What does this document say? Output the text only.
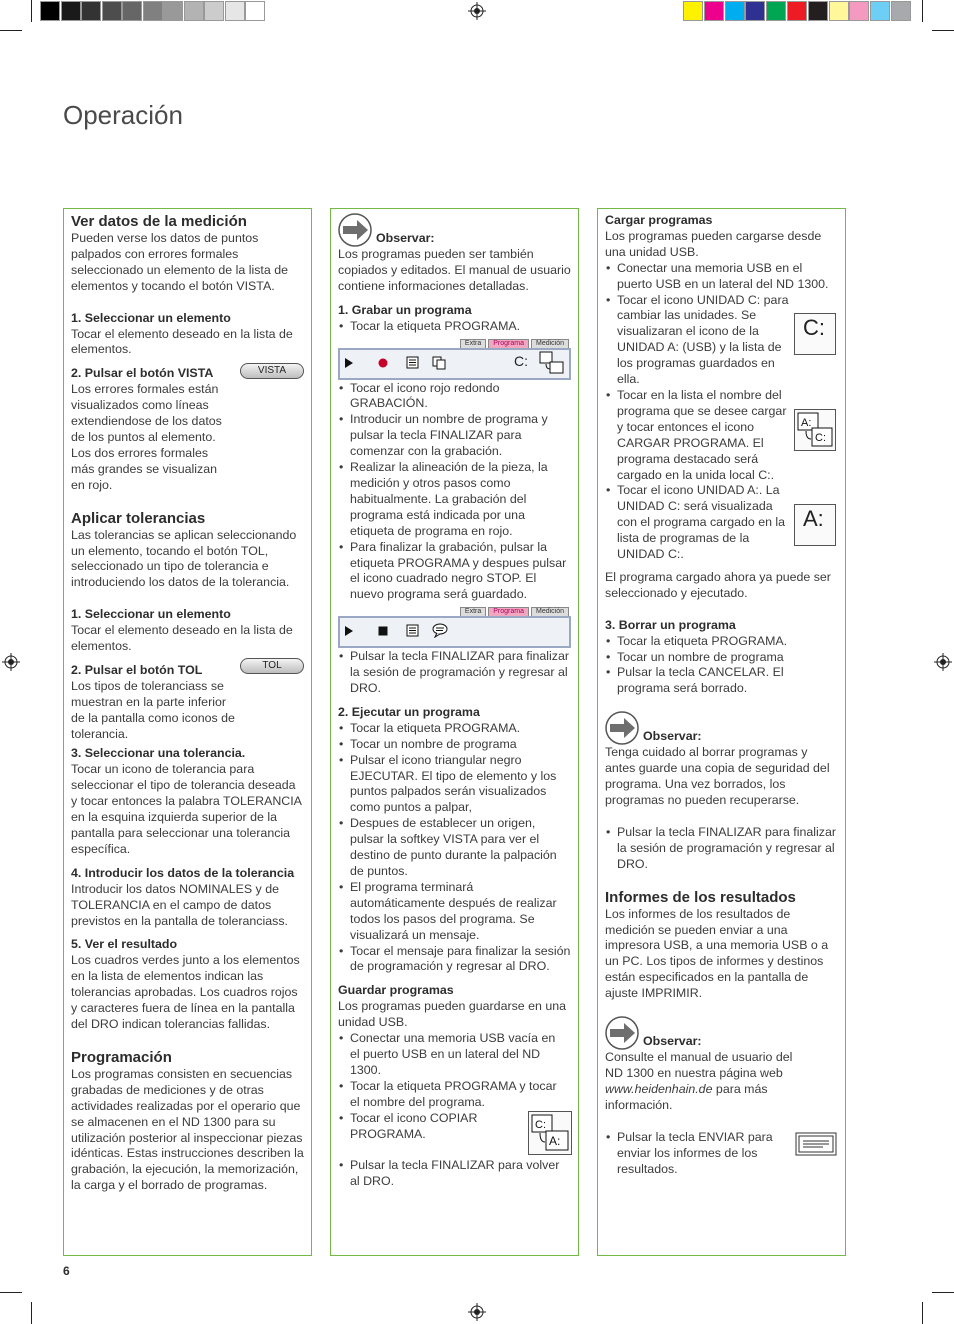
Operación

Ver datos de la medición

Pueden verse los datos de puntos palpados con errores formales seleccionado un elemento de la lista de elementos y tocando el botón VISTA.

1. Seleccionar un elemento

Tocar el elemento deseado en la lista de elementos.

2. Pulsar el botón VISTA

Los errores formales están visualizados como líneas extendiendose de los datos de los puntos al elemento. Los dos errores formales más grandes se visualizan en rojo.

VISTA

Aplicar tolerancias

Las tolerancias se aplican seleccionando un elemento, tocando el botón TOL, seleccionado un tipo de tolerancia e introduciendo los datos de la tolerancia.

1. Seleccionar un elemento

Tocar el elemento deseado en la lista de elementos.

2. Pulsar el botón TOL

Los tipos de toleranciass se muestran en la parte inferior de la pantalla como iconos de tolerancia.

TOL

3. Seleccionar una tolerancia.

Tocar un icono de tolerancia para seleccionar el tipo de tolerancia deseada y tocar entonces la palabra TOLERANCIA en la esquina izquierda superior de la pantalla para seleccionar una tolerancia específica.

4. Introducir los datos de la tolerancia

Introducir los datos NOMINALES y de TOLERANCIA en el campo de datos previstos en la pantalla de toleranciass.

5. Ver el resultado

Los cuadros verdes junto a los elementos en la lista de elementos indican las tolerancias aprobadas. Los cuadros rojos y caracteres fuera de línea en la pantalla del DRO indican tolerancias fallidas.

Programación

Los programas consisten en secuencias grabadas de mediciones y de otras actividades realizadas por el operario que se almacenen en el ND 1300 para su utilización posterior al inspeccionar piezas idénticas. Estas instrucciones describen la grabación, la ejecución, la memorización, la carga y el borrado de programas.

Observar:

Los programas pueden ser también copiados y editados. El manual de usuario contiene informaciones detalladas.

1. Grabar un programa

• Tocar la etiqueta PROGRAMA.
Extra	Programa	Medición
C:
• Tocar el icono rojo redondo GRABACIÓN.
• Introducir un nombre de programa y pulsar la tecla FINALIZAR para comenzar con la grabación.
• Realizar la alineación de la pieza, la medición y otros pasos como habitualmente. La grabación del programa está indicada por una etiqueta de programa en rojo.
• Para finalizar la grabación, pulsar la etiqueta PROGRAMA y despues pulsar el icono cuadrado negro STOP. El nuevo programa será guardado.
Extra	Programa	Medición
• Pulsar la tecla FINALIZAR para finalizar la sesión de programación y regresar al DRO.

2. Ejecutar un programa

• Tocar la etiqueta PROGRAMA.
• Tocar un nombre de programa
• Pulsar el icono triangular negro EJECUTAR. El tipo de elemento y los puntos palpados serán visualizados como puntos a palpar,
• Despues de establecer un origen, pulsar la softkey VISTA para ver el destino de punto durante la palpación de puntos.
• El programa terminará automáticamente después de realizar todos los pasos del programa. Se visualizará un mensaje.
• Tocar el mensaje para finalizar la sesión de programación y regresar al DRO.

Guardar programas

Los programas pueden guardarse en una unidad USB.

• Conectar una memoria USB vacía en el puerto USB en un lateral del ND 1300.
• Tocar la etiqueta PROGRAMA y tocar el nombre del programa.
• Tocar el icono COPIAR PROGRAMA.
C:
A:
• Pulsar la tecla FINALIZAR para volver al DRO.

Cargar programas

Los programas pueden cargarse desde una unidad USB.

• Conectar una memoria USB en el puerto USB en un lateral del ND 1300.
• Tocar el icono UNIDAD C: para cambiar las unidades. Se visualizaran el icono de la UNIDAD A: (USB) y la lista de los programas guardados en ella.
• Tocar en la lista el nombre del programa que se desee cargar y tocar entonces el icono CARGAR PROGRAMA. El programa destacado será cargado en la unida local C:.
• Tocar el icono UNIDAD A:. La UNIDAD C: será visualizada con el programa cargado en la lista de programas de la UNIDAD C:.
C:
A:
C:
A:

El programa cargado ahora ya puede ser seleccionado y ejecutado.

3. Borrar un programa

• Tocar la etiqueta PROGRAMA.
• Tocar un nombre de programa
• Pulsar la tecla CANCELAR. El programa será borrado.
Observar:

Tenga cuidado al borrar programas y antes guarde una copia de seguridad del programa. Una vez borrados, los programas no pueden recuperarse.

• Pulsar la tecla FINALIZAR para finalizar la sesión de programación y regresar al DRO.

Informes de los resultados

Los informes de los resultados de medición se pueden enviar a una impresora USB, a una memoria USB o a un PC. Los tipos de informes y destinos están especificados en la pantalla de ajuste IMPRIMIR.

Observar:

Consulte el manual de usuario del ND 1300 en nuestra página web www.heidenhain.de para más información.

• Pulsar la tecla ENVIAR para enviar los informes de los resultados.
6
